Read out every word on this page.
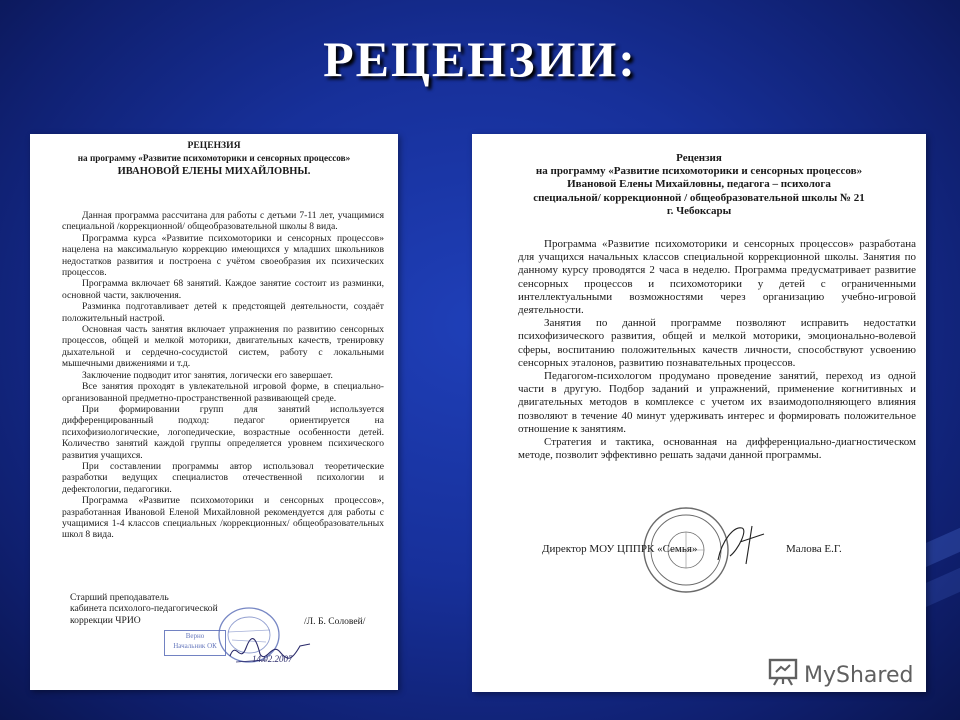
РЕЦЕНЗИИ:
РЕЦЕНЗИЯ
на программу «Развитие психомоторики и сенсорных процессов»
ИВАНОВОЙ ЕЛЕНЫ МИХАЙЛОВНЫ.

Данная программа рассчитана для работы с детьми 7-11 лет, учащимися специальной /коррекционной/ общеобразовательной школы 8 вида.

Программа курса «Развитие психомоторики и сенсорных процессов» нацелена на максимальную коррекцию имеющихся у младших школьников недостатков развития и построена с учётом своеобразия их психических процессов.

Программа включает 68 занятий. Каждое занятие состоит из разминки, основной части, заключения.

Разминка подготавливает детей к предстоящей деятельности, создаёт положительный настрой.

Основная часть занятия включает упражнения по развитию сенсорных процессов, общей и мелкой моторики, двигательных качеств, тренировку дыхательной и сердечно-сосудистой систем, работу с локальными мышечными движениями и т.д.

Заключение подводит итог занятия, логически его завершает.

Все занятия проходят в увлекательной игровой форме, в специально-организованной предметно-пространственной развивающей среде.

При формировании групп для занятий используется дифференцированный подход: педагог ориентируется на психофизиологические, логопедические, возрастные особенности детей. Количество занятий каждой группы определяется уровнем психического развития учащихся.

При составлении программы автор использовал теоретические разработки ведущих специалистов отечественной психологии и дефектологии, педагогики.

Программа «Развитие психомоторики и сенсорных процессов», разработанная Ивановой Еленой Михайловной рекомендуется для работы с учащимися 1-4 классов специальных /коррекционных/ общеобразовательных школ 8 вида.

Старший преподаватель
кабинета психолого-педагогической
коррекции ЧРИО	/Л. Б. Соловей/
Верно
Начальник ОК
14.02.2007
Рецензия
на программу «Развитие психомоторики и сенсорных процессов»
Ивановой Елены Михайловны, педагога – психолога
специальной/ коррекционной / общеобразовательной школы № 21
г. Чебоксары

Программа «Развитие психомоторики и сенсорных процессов» разработана для учащихся начальных классов специальной коррекционной школы. Занятия по данному курсу проводятся 2 часа в неделю. Программа предусматривает развитие сенсорных процессов и психомоторики у детей с ограниченными интеллектуальными возможностями через организацию учебно-игровой деятельности.

Занятия по данной программе позволяют исправить недостатки психофизического развития, общей и мелкой моторики, эмоционально-волевой сферы, воспитанию положительных качеств личности, способствуют усвоению сенсорных эталонов, развитию познавательных процессов.

Педагогом-психологом продумано проведение занятий, переход из одной части в другую. Подбор заданий и упражнений, применение когнитивных и двигательных методов в комплексе с учетом их взаимодополняющего влияния позволяют в течение 40 минут удерживать интерес и формировать положительное отношение к занятиям.

Стратегия и тактика, основанная на дифференциально-диагностическом методе, позволит эффективно решать задачи данной программы.

Директор МОУ ЦППРК «Семья»	Малова Е.Г.
MyShared
